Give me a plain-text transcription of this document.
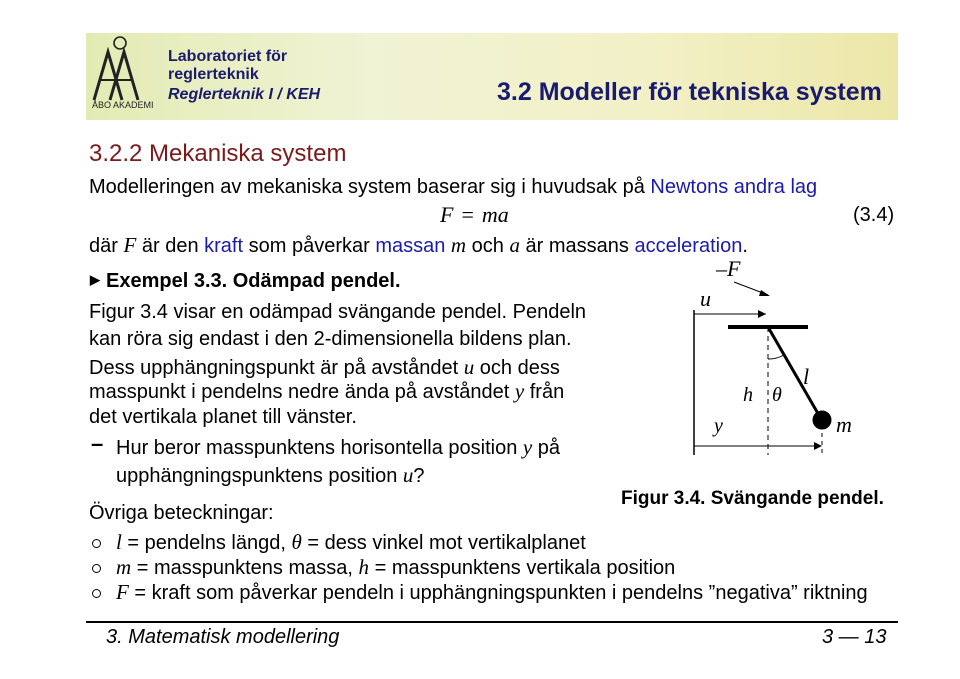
ÅBO AKADEMI
Laboratoriet för
reglerteknik
Reglerteknik I / KEH	3.2 Modeller för tekniska system
3.2.2 Mekaniska system
Modelleringen av mekaniska system baserar sig i huvudsak på Newtons andra lag
F = ma	(3.4)
där F är den kraft som påverkar massan m och a är massans acceleration.
▶ Exempel 3.3. Odämpad pendel.
Figur 3.4 visar en odämpad svängande pendel. Pendeln
kan röra sig endast i den 2-dimensionella bildens plan.
Dess upphängningspunkt är på avståndet u och dess
masspunkt i pendelns nedre ända på avståndet y från
det vertikala planet till vänster.
– Hur beror masspunktens horisontella position y på
upphängningspunktens position u?
Övriga beteckningar:
l = pendelns längd, θ = dess vinkel mot vertikalplanet
m = masspunktens massa, h = masspunktens vertikala position
F = kraft som påverkar pendeln i upphängningspunkten i pendelns ”negativa” riktning
–F
u
l
h θ
y	m
Figur 3.4. Svängande pendel.
3. Matematisk modellering	3 — 13
